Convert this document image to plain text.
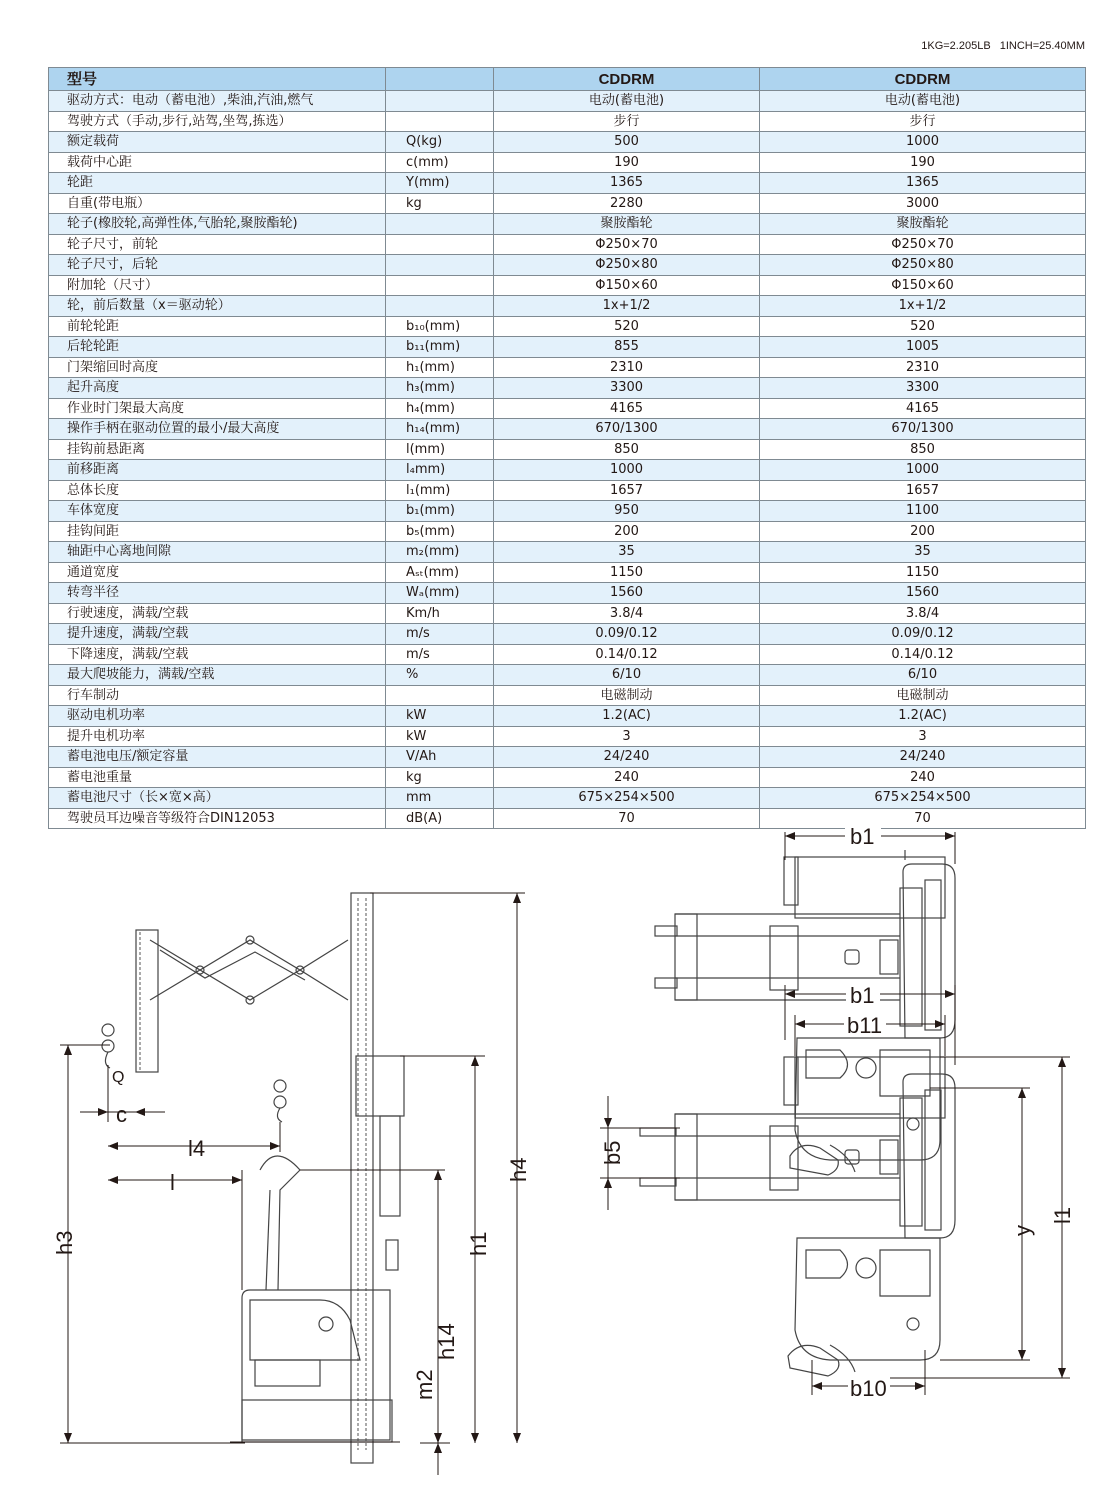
1KG=2.205LB 1INCH=25.40MM
型号		CDDRM	CDDRM
驱动方式：电动（蓄电池）,柴油,汽油,燃气		电动(蓄电池)	电动(蓄电池)
驾驶方式（手动,步行,站驾,坐驾,拣选）		步行	步行
额定载荷	Q(kg)	500	1000
载荷中心距	c(mm)	190	190
轮距	Y(mm)	1365	1365
自重(带电瓶）	kg	2280	3000
轮子(橡胶轮,高弹性体,气胎轮,聚胺酯轮)		聚胺酯轮	聚胺酯轮
轮子尺寸，前轮		Φ250×70	Φ250×70
轮子尺寸，后轮		Φ250×80	Φ250×80
附加轮（尺寸）		Φ150×60	Φ150×60
轮，前后数量（x＝驱动轮）		1x+1/2	1x+1/2
前轮轮距	b₁₀(mm)	520	520
后轮轮距	b₁₁(mm)	855	1005
门架缩回时高度	h₁(mm)	2310	2310
起升高度	h₃(mm)	3300	3300
作业时门架最大高度	h₄(mm)	4165	4165
操作手柄在驱动位置的最小/最大高度	h₁₄(mm)	670/1300	670/1300
挂钩前悬距离	l(mm)	850	850
前移距离	l₄mm)	1000	1000
总体长度	l₁(mm)	1657	1657
车体宽度	b₁(mm)	950	1100
挂钩间距	b₅(mm)	200	200
轴距中心离地间隙	m₂(mm)	35	35
通道宽度	Aₛₜ(mm)	1150	1150
转弯半径	Wₐ(mm)	1560	1560
行驶速度，满载/空载	Km/h	3.8/4	3.8/4
提升速度，满载/空载	m/s	0.09/0.12	0.09/0.12
下降速度，满载/空载	m/s	0.14/0.12	0.14/0.12
最大爬坡能力，满载/空载	%	6/10	6/10
行车制动		电磁制动	电磁制动
驱动电机功率	kW	1.2(AC)	1.2(AC)
提升电机功率	kW	3	3
蓄电池电压/额定容量	V/Ah	24/240	24/240
蓄电池重量	kg	240	240
蓄电池尺寸（长×宽×高）	mm	675×254×500	675×254×500
驾驶员耳边噪音等级符合DIN12053	dB(A)	70	70
h4
h1
h14
m2
h3
c
l4
l
Q
b1
b1
b11
b5
y
l1
b10
